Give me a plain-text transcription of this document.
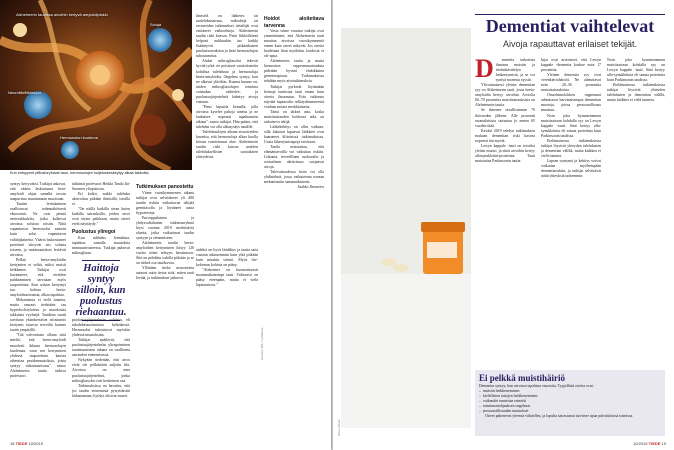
Alzheimerin taudissa aivoihin kertyvä amyloidiplakki
Neurofibrillikimppu
Hermosolun kuolema
Soluja
Kun entsyymit yliflosforyloivat taun, hermosolujen kuljetuskeskeytyy alkaa takkuilla.

syntyy kertyvaksi. Tutkijat uskovat, että väärin laskostunut beta-amyloidi ohjaa samalla tavoin naapurinsa muuttamaan muotoaan.

Tautiin levittäminen osallistuvat todennäköisesti eksosomit. Ne ovat pieniä nesterakkuloita, jotka kulkevat aivoissa soluista toisiin. Niitä vapauttavat hermosolut samoin kuin solut vapauttavat välittäjäaineita. Väärin laskostuneet proteiinit siirtyvät siis solusta toiseen, ja tautimuutokset leviävät aivoissa.

Pelkät beeta-amyloidin kertymien ei selitä, miksi muisti heikkenee. Tutkijat ovat havainneet, että oireiden puhkeaminen tarvitaan myös taupoteiinia. Kun solusn kertymyt tau kohtaa beeta-amyloidisaostumia, alkaa tapahtua.

Mekanismia ei vielä tunneta, mutta seuraus tiedetään: tau hyperfosforyloituu ja muodostaa takkuisia vyyhtejä. Tauditon vaatii tarvitaan yksinkertaiset sitoutumis kertymis toisesta terveiltä kunnes tautin ympärillä.

"Tää valvontasto ollaan siitä mieltä, että beeta-amyloidi muodosti ikkuna hermosolujen kuolemaa, vaan sen kertyminen yhdessä taupoteiinin kanssa aiheuttaa pesäkemuutoksia, joista syntyy tuhoutuneisuus", sanoo Alzheimerin tautia tutkiva professori.

tutkimat professori Heikki Tanila Itä-Suomen yliopistosta.

Eri keikit, mikki tulehdus aktivoituu pitkään ihmisillä, toisilla ei.

"On näillä kaikilla aivan kuten kaikilla sairauksilla, joiden aivot ovat täysin paikkaan, mutta oireet eivät näyttäydy."

Puolustus yliregoi

Kun tulehdus leimahtaa, tapahtuu samalla muutoksia immuunivasteessa. Tutkijat puhuvat mikrogliaan.

Haittoja syntyy silloin, kun puolustus riehaantuu.

puolustusjärjestelmän soluissa, eli tukahdutustoimintaa kehittäessä. Hermosolut tuhoutuvat myöskin yhdessä muutoksina.

Tutkijat epäilevät, että puolustusjärjestelmän yliregoiminen tautimuutosten aikana on osallisena sairauden etenemisessä.

Nykyään tiedetään, että aivot eivät ole pelkästään suljettu tila. Aivoissa on oma puolustusjärjestelmä, jonka mikrogliasolut ovat keskeinen osa.

Tutkimuksissa on havaittu, että jos taudin etenemistä pystyttäisiin hidastamaan, hyödyt olisivat suuret.

ilmiselä on diabetes tai tuulehdussairaus, mikrobeja tai ravinteiden tutkimukset tieteilijät ovat esittäneet vaihtoehtoja. Alzheimerin taudin riski kasvaa. Pieni liikkeiltänsä helposti nukkuukin tuo kaikki lisääntyvät pitkäaikaisen puolustusreaktion ja lisää hermosolujen tuhoutumista.

Aluksi mikrogliasolut tekevät hyvää työtä: ne poistavat vaurioituneita kohdista tulehdusta ja hermosoluja beeta-amyloidia. Ongelma syntyy, kun ne alkavat ylitöihin. Kuuma kuume on, niiden mikrogliasolujen toiminta voimakas vaihtelee, ja puolustusjärjestelmä kääntyy aivoja vastaan.

"Pieni kiputila kemalla, jolla aivoissa kyselee pahoja aineita ja ne laukaisee nopeasti tapahtumien aikana", sanoo tutkijat. Hän puhuu, että tulehdus voi olla alkusysäys taudille.

Tulehdusolojen aikana sivuoireiden havaittu, että hermosoluja alkaa kuolla kerran vaurioitunut alue. Alzheimerin taudin riski kasvaa useiden tulehduksellisten sairauksien yhteydessä.

Tutkimuksen panostettu

Viime vuosikymmenen aikana tutkijat ovat selvittäneet yli 400 taudin riskiin vaikuttavaa tekijää geenitasolla ja löytäneet uusia hypoteeseja.

Eurooppalainen ja yhdysvaltalainen tutkimusryhmä löysi vuonna 2019 merkittäviä alueita, jotka vaikuttavat taudin syntyyn ja etenemiseen.

Alzheimerin taudin beeta-amyloidien kertyminen liittyy 120 vuotta sitten tehtyyn havaintoon. Sitä on pohdittu todella pitkään ja se on tärkeä osa tautikuvaa.

Yllättäen tiedot neuroneista antavat uutta tietoa siitä, miten tauti leviää, ja tutkimukset jatkuvat.

aideksi on hyvä läädähys ja tautia saisi vastaan aikaisemmin kuin yhtä pitkään kuin muukin väestö. Myös liiv-kokemus kohista on pääsy.

"Alzheimer on huomattavasti monimutkaisempi tauti. Valtavasti on pääsy eteenpäin, mutta ei vielä läpimurtoon."

Hoidot aloitettava tarvenna

Vasta viime vuosina tutkijat ovat ymmärtäneet, että Alzheimerin tauti muuttaa aivoissa vuosikymmeniä ennen kuin oireet näkyvät. Jos oireita hoidetaan liian myöhään, hoidosta ei ole apua.

Alzheimerin tautia ja muita hermoston rappeumasairauksia pidetään hyvinä ehdokkaina geeniterapiaan. Tutkimuksissa tehdään myös aivotutkimuksia.

Tutkijat pyrkivät löytämään keinoja tunnistaa tauti ennen kuin oireita ilmaantuu. Eräs tutkimus näyttää lupaavalta: selkäydinnesteestä voidaan mitata merkkiaineita.

Tämä on tärkeä asia, koska muistisairauden hoidossa aika on ratkaiseva tekijä.

Lääkekehitys on ollut vaikeaa, sillä lukuisat lupaavat lääkkeet ovat kaatuneet kliinisissä tutkimuksissa. Uusia lähestymistapoja tarvitaan.

Tanila muistuttaa, että elämäntavoilla voi vaikuttaa riskiin. Liikunta, terveellinen ruokavalio ja sosiaalinen aktiivisuus suojaavat aivoja.

Tulevaisuudessa hoito voi olla yhdistelmä, jossa vaikutetaan useaan mekanismiin samanaikaisesti.

Jaakko Ilmaviira

Kuvitus: SPL / Lehtikuva
18 TIEDE 10/2019
Kuva: iStock
Dementiat vaihtelevat
Aivoja rapauttavat erilaiset tekijät.
D	ementia tarkoittaa ihmisen muistin ja tiedonkäsittelyn heikentymistä, ja se voi syntyä monesta syystä.

Ylivoimaisesti yleisin dementian syy on Alzheimerin tauti, jossa beeta-amyloidia kertyy aivoihin. Arviolta 60–70 prosenttia muistisairauksista on Alzheimerin tautia.

Se ilmenee tavallisimmin 70 ikävuoden jälkeen. Alle prosentti suomalaisista sairastuu jo ennen 65 vuoden ikää.

Kevätä 2019 tehdyn tutkimuksen mukaan dementian riski kasvaa nopeasti iän myötä.

Lewyn kappale -tauti on toiseksi yleisin muoto, ja siinä aivoihin kertyy alfasynukleiini-proteiinia. Tauti muistuttaa Parkinsonin tautia.

kijat ovat arvioineet, että Lewyn kappale -dementia koskee noin 17 prosenttia.

Yleinen dementia syy ovat verenkiertohäiriöt. Ne aiheuttavat noin 20–30 prosenttia muistisairauksista.

Otsaohimolohkon rappeumat aiheuttavat harvinaisempia dementian muotoja, joissa persoonallisuus muuttuu.

Noin joka kymmenennen muistisairaan kohdalla syy on Lewyn kappale -tauti. Sinä kertyy alfa-synukleiinia eli samaa proteiinia kuin Parkinsonin taudissa.

Etelämaisessa tutkimuksessa tutkijat löysivät yhteyden tulehdusten ja dementian välillä, mutta kaikkea ei vielä tunneta.

Lapsen syntymä ja kehitys voivat vaikuttaa myöhempään dementiariskiin, ja tutkijat selvittävät näitä yhteyksiä tarkemmin.

Noin joka kymmenennen muistisairaan kohdalla syy on Lewyn kappale -tauti. Sinä kertyy alfa-synukleiinia eli samaa proteiinia kuin Parkinsonin taudissa.

Etelämaisessa tutkimuksessa tutkijat löysivät yhteyden tulehdusten ja dementian välillä, mutta kaikkea ei vielä tunneta.

Ei pelkkä muistihäiriö

Dementia syntyy, kun aivoissa tapahtuu vaurioita. Tyypillisiä oireita ovat:

– muistin heikkeneminen
– kielellisten taitojen heikkeneminen
– vaikeudet tunnistaa esineitä
– toiminnanohjauksen ongelmat
– persoonallisuuden muutokset

Oireet pahenevat yleensä vähitellen, ja lopulta sairastunut tarvitsee apua päivittäisissä toimissa.

10/2019 TIEDE 19
